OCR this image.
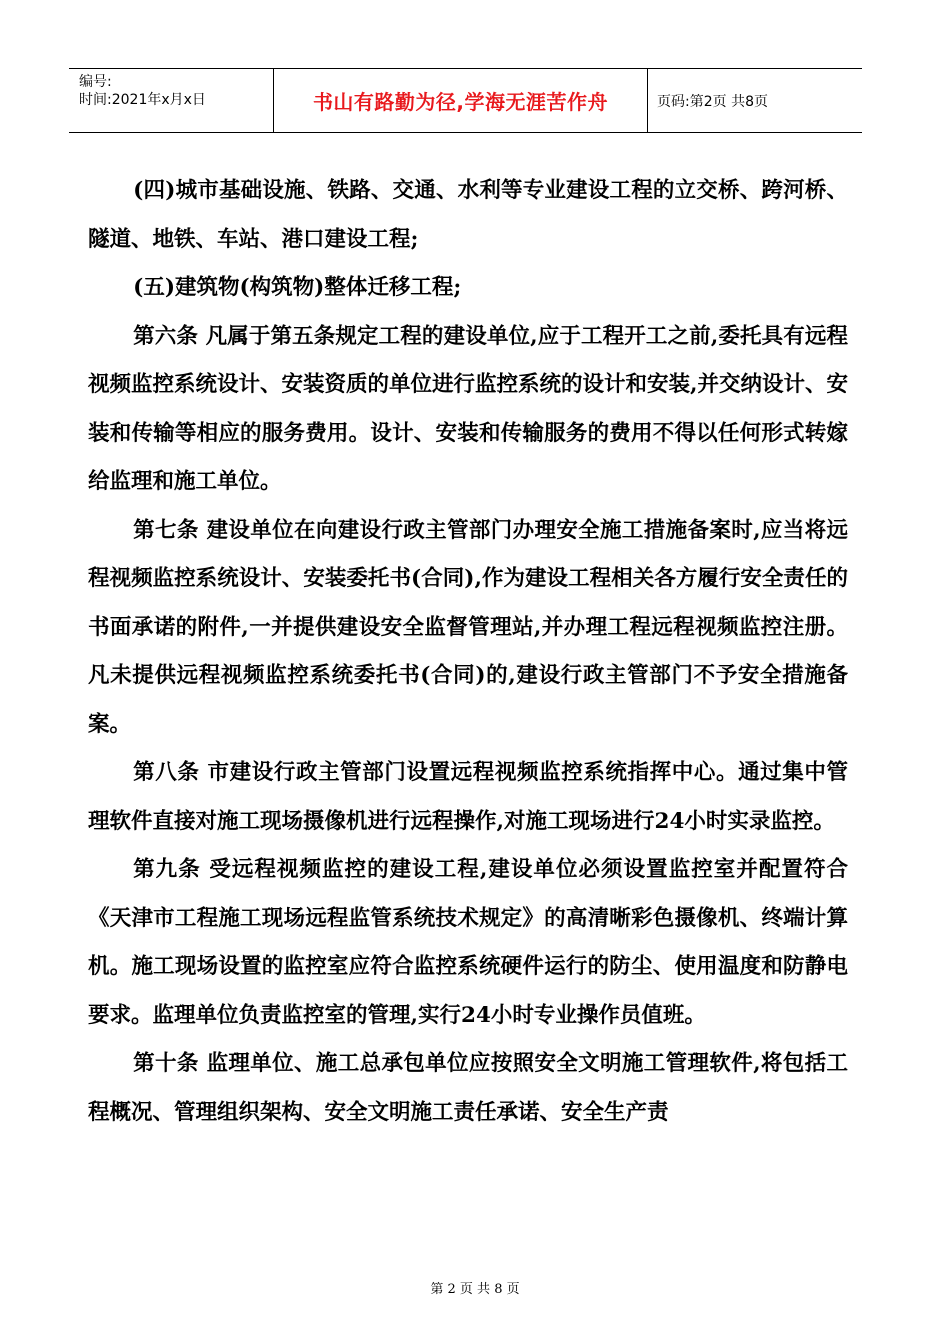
编号:
时间:2021年x月x日	书山有路勤为径,学海无涯苦作舟	页码:第2页 共8页

(四)城市基础设施、铁路、交通、水利等专业建设工程的立交桥、跨河桥、隧道、地铁、车站、港口建设工程;

(五)建筑物(构筑物)整体迁移工程;

第六条 凡属于第五条规定工程的建设单位,应于工程开工之前,委托具有远程视频监控系统设计、安装资质的单位进行监控系统的设计和安装,并交纳设计、安装和传输等相应的服务费用。设计、安装和传输服务的费用不得以任何形式转嫁给监理和施工单位。

第七条 建设单位在向建设行政主管部门办理安全施工措施备案时,应当将远程视频监控系统设计、安装委托书(合同),作为建设工程相关各方履行安全责任的书面承诺的附件,一并提供建设安全监督管理站,并办理工程远程视频监控注册。凡未提供远程视频监控系统委托书(合同)的,建设行政主管部门不予安全措施备案。

第八条 市建设行政主管部门设置远程视频监控系统指挥中心。通过集中管理软件直接对施工现场摄像机进行远程操作,对施工现场进行24小时实录监控。

第九条 受远程视频监控的建设工程,建设单位必须设置监控室并配置符合《天津市工程施工现场远程监管系统技术规定》的高清晰彩色摄像机、终端计算机。施工现场设置的监控室应符合监控系统硬件运行的防尘、使用温度和防静电要求。监理单位负责监控室的管理,实行24小时专业操作员值班。

第十条 监理单位、施工总承包单位应按照安全文明施工管理软件,将包括工程概况、管理组织架构、安全文明施工责任承诺、安全生产责

第 2 页 共 8 页
